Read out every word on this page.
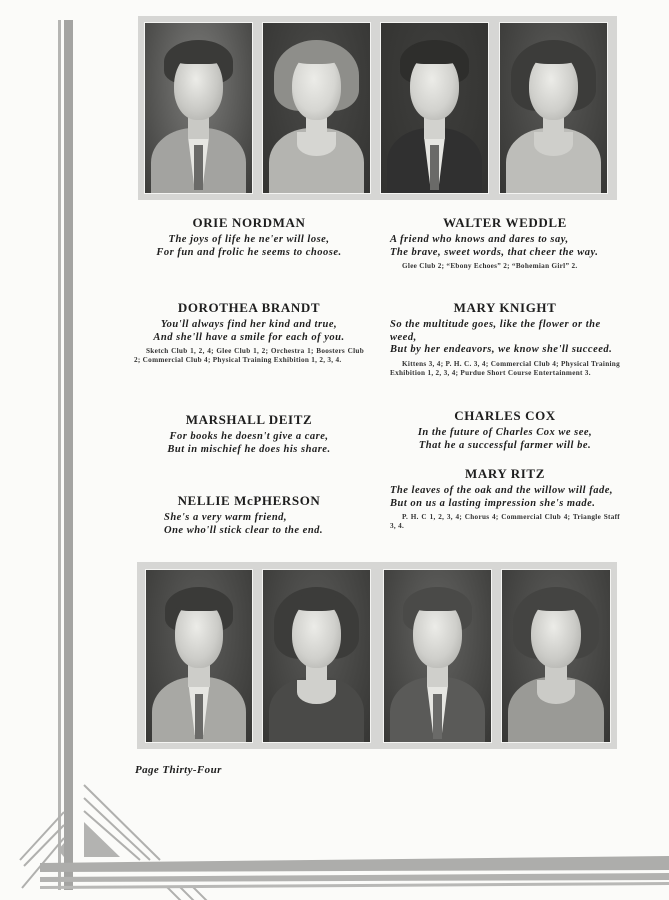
ORIE NORDMAN
The joys of life he ne'er will lose,
For fun and frolic he seems to choose.
DOROTHEA BRANDT
You'll always find her kind and true,
And she'll have a smile for each of you.
Sketch Club 1, 2, 4; Glee Club 1, 2; Orchestra 1; Boosters Club 2; Commercial Club 4; Physical Training Exhibition 1, 2, 3, 4.
MARSHALL DEITZ
For books he doesn't give a care,
But in mischief he does his share.
NELLIE McPHERSON
She's a very warm friend,
One who'll stick clear to the end.
WALTER WEDDLE
A friend who knows and dares to say,
The brave, sweet words, that cheer the way.
Glee Club 2; “Ebony Echoes” 2; “Bohemian Girl” 2.
MARY KNIGHT
So the multitude goes, like the flower or the weed,
But by her endeavors, we know she'll succeed.
Kittens 3, 4; P. H. C. 3, 4; Commercial Club 4; Physical Training Exhibition 1, 2, 3, 4; Purdue Short Course Entertainment 3.
CHARLES COX
In the future of Charles Cox we see,
That he a successful farmer will be.
MARY RITZ
The leaves of the oak and the willow will fade,
But on us a lasting impression she's made.
P. H. C 1, 2, 3, 4; Chorus 4; Commercial Club 4; Triangle Staff 3, 4.
Page Thirty-Four
